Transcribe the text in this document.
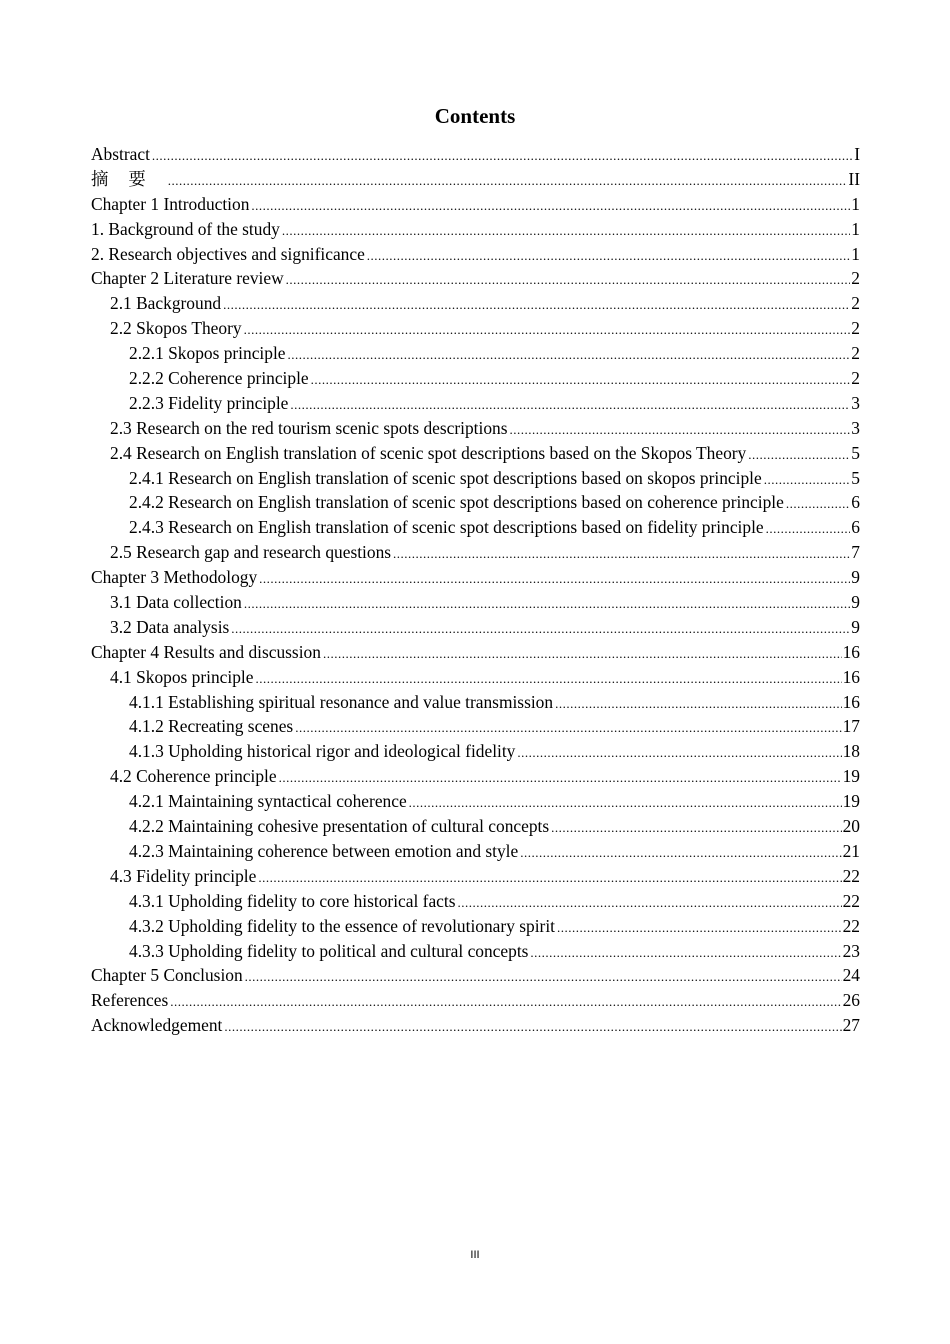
Contents
Abstract .....	I
摘要 .....	II
Chapter 1 Introduction .....	1
1. Background of the study .....	1
2. Research objectives and significance .....	1
Chapter 2 Literature review .....	2
2.1 Background .....	2
2.2 Skopos Theory .....	2
2.2.1 Skopos principle .....	2
2.2.2 Coherence principle .....	2
2.2.3 Fidelity principle .....	3
2.3 Research on the red tourism scenic spots descriptions .....	3
2.4 Research on English translation of scenic spot descriptions based on the Skopos Theory .....	5
2.4.1 Research on English translation of scenic spot descriptions based on skopos principle .....	5
2.4.2 Research on English translation of scenic spot descriptions based on coherence principle .....	6
2.4.3 Research on English translation of scenic spot descriptions based on fidelity principle .....	6
2.5 Research gap and research questions .....	7
Chapter 3 Methodology .....	9
3.1 Data collection .....	9
3.2 Data analysis .....	9
Chapter 4 Results and discussion .....	16
4.1 Skopos principle .....	16
4.1.1 Establishing spiritual resonance and value transmission .....	16
4.1.2 Recreating scenes .....	17
4.1.3 Upholding historical rigor and ideological fidelity .....	18
4.2 Coherence principle .....	19
4.2.1 Maintaining syntactical coherence .....	19
4.2.2 Maintaining cohesive presentation of cultural concepts .....	20
4.2.3 Maintaining coherence between emotion and style .....	21
4.3 Fidelity principle .....	22
4.3.1 Upholding fidelity to core historical facts .....	22
4.3.2 Upholding fidelity to the essence of revolutionary spirit .....	22
4.3.3 Upholding fidelity to political and cultural concepts .....	23
Chapter 5 Conclusion .....	24
References .....	26
Acknowledgement .....	27
III
